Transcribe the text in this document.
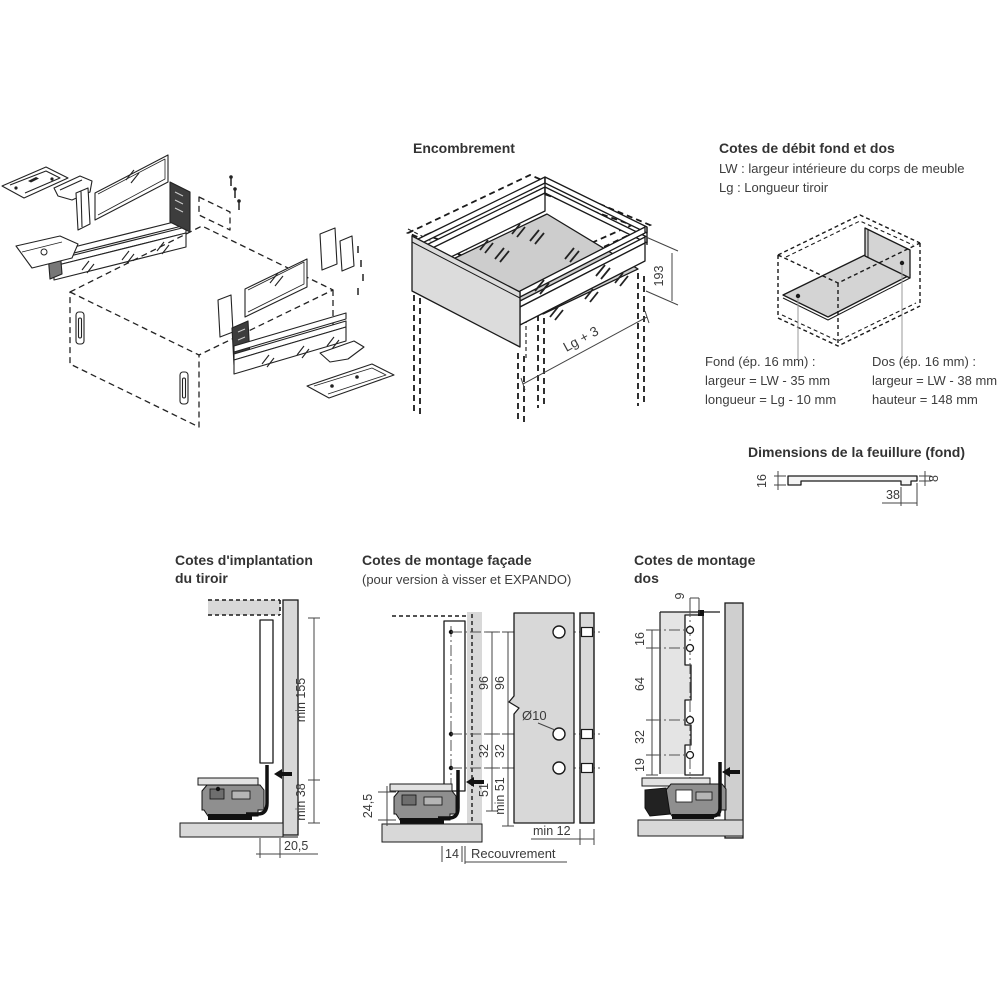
Encombrement
193
Lg + 3
Cotes de débit fond et dos
LW : largeur intérieure du corps de meuble
Lg : Longueur tiroir
Fond (ép. 16 mm) :
largeur = LW - 35 mm
longueur = Lg - 10 mm
Dos (ép. 16 mm) :
largeur = LW - 38 mm
hauteur = 148 mm
Dimensions de la feuillure (fond)
16
38
8
Cotes d'implantation
du tiroir
min 155
min 38
20,5
Cotes de montage façade
(pour version à visser et EXPANDO)
96
32
51
96
32
min 51
24,5
Ø10
min 12
14 Recouvrement
Cotes de montage
dos
9
16
64
32
19
